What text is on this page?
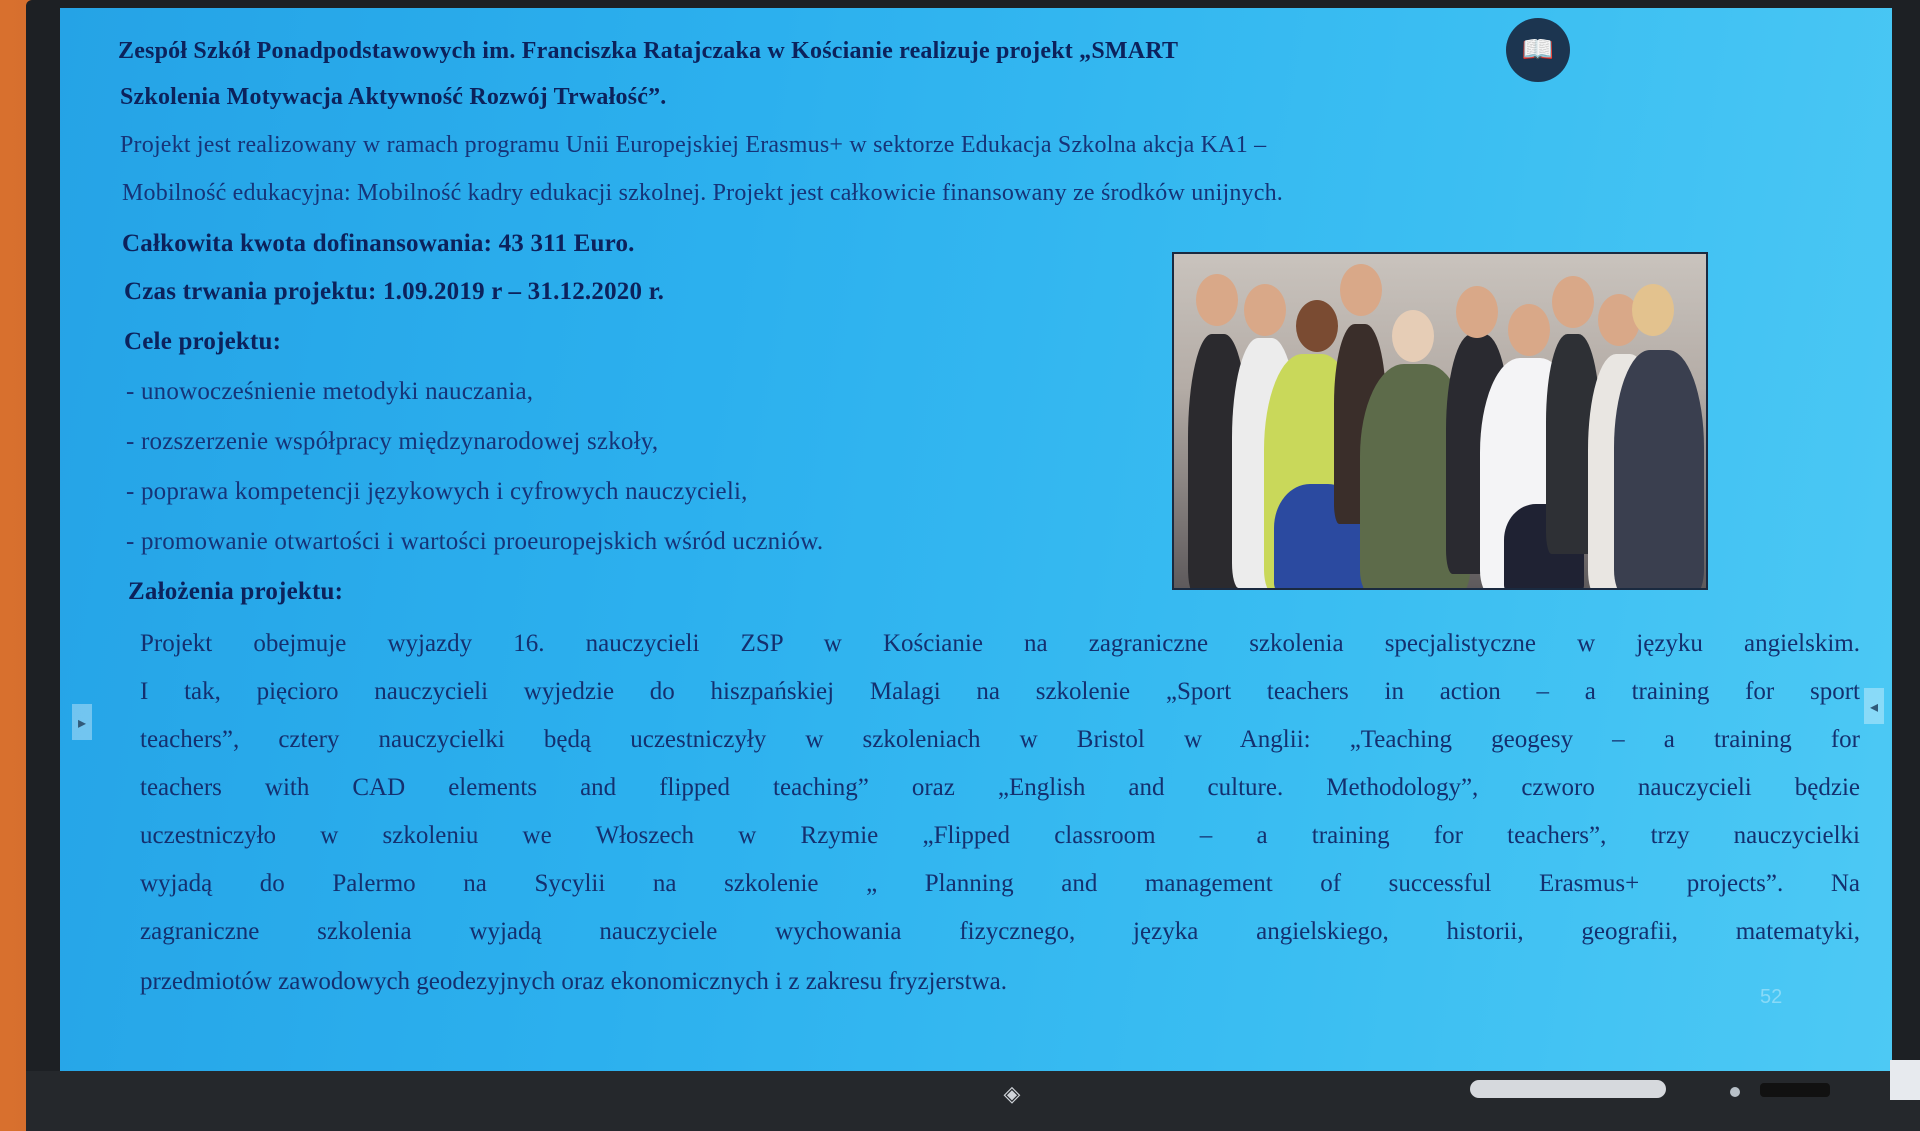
Zespół Szkół Ponadpodstawowych im. Franciszka Ratajczaka w Kościanie realizuje projekt „SMART
Szkolenia Motywacja Aktywność Rozwój Trwałość”.
Projekt jest realizowany w ramach programu Unii Europejskiej Erasmus+ w sektorze Edukacja Szkolna akcja KA1 –
Mobilność edukacyjna: Mobilność kadry edukacji szkolnej. Projekt jest całkowicie finansowany ze środków unijnych.
Całkowita kwota dofinansowania: 43 311 Euro.
Czas trwania projektu: 1.09.2019 r – 31.12.2020 r.
Cele projektu:
- unowocześnienie metodyki nauczania,
- rozszerzenie współpracy międzynarodowej szkoły,
- poprawa kompetencji językowych i cyfrowych nauczycieli,
- promowanie otwartości i wartości proeuropejskich wśród uczniów.
Założenia projektu:
Projekt obejmuje wyjazdy 16. nauczycieli ZSP w Kościanie na zagraniczne szkolenia specjalistyczne w języku angielskim.
I tak, pięcioro nauczycieli wyjedzie do hiszpańskiej Malagi na szkolenie „Sport teachers in action – a training for sport
teachers”, cztery nauczycielki będą uczestniczyły w szkoleniach w Bristol w Anglii: „Teaching geogesy – a training for
teachers with CAD elements and flipped teaching” oraz „English and culture. Methodology”, czworo nauczycieli będzie
uczestniczyło w szkoleniu we Włoszech w Rzymie „Flipped classroom – a training for teachers”, trzy nauczycielki
wyjadą do Palermo na Sycylii na szkolenie „ Planning and management of successful Erasmus+ projects”. Na
zagraniczne szkolenia wyjadą nauczyciele wychowania fizycznego, języka angielskiego, historii, geografii, matematyki,
przedmiotów zawodowych geodezyjnych oraz ekonomicznych i z zakresu fryzjerstwa.
▸
◂
52
📖
◈
